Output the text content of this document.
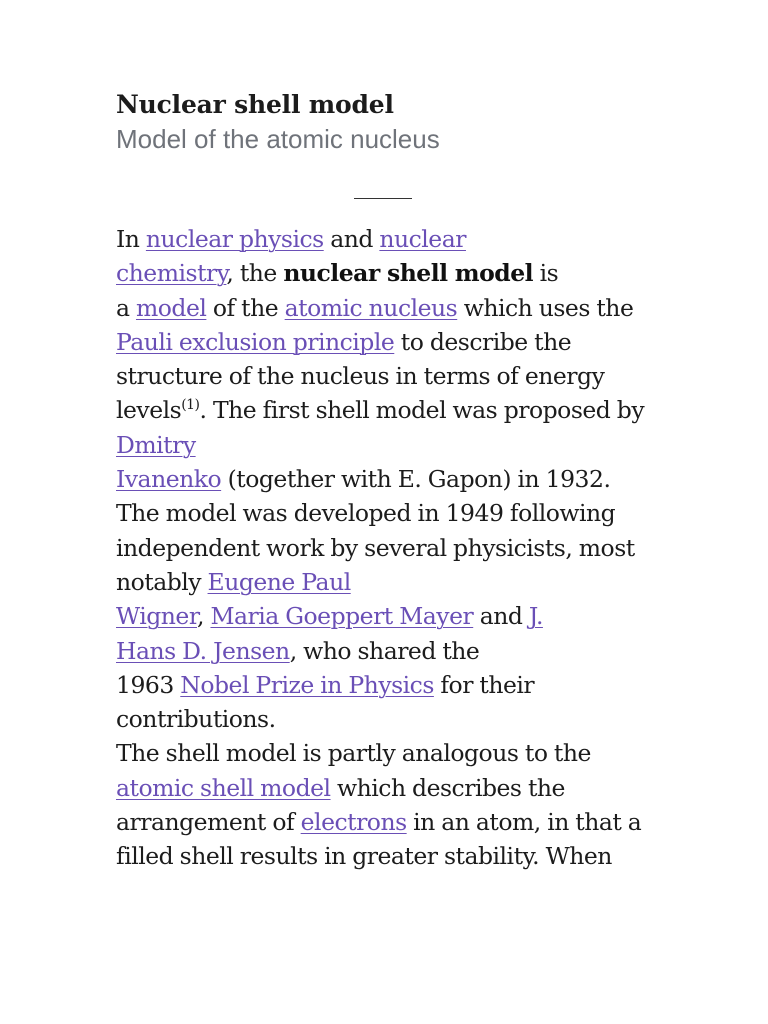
Nuclear shell model
Model of the atomic nucleus

In nuclear physics and nuclear
chemistry, the nuclear shell model is
a model of the atomic nucleus which uses the Pauli exclusion principle to describe the structure of the nucleus in terms of energy levels$^{(1)}$. The first shell model was proposed by Dmitry
Ivanenko (together with E. Gapon) in 1932. The model was developed in 1949 following independent work by several physicists, most notably Eugene Paul
Wigner, Maria Goeppert Mayer and J.
Hans D. Jensen, who shared the
1963 Nobel Prize in Physics for their contributions.

The shell model is partly analogous to the atomic shell model which describes the arrangement of electrons in an atom, in that a filled shell results in greater stability. When
